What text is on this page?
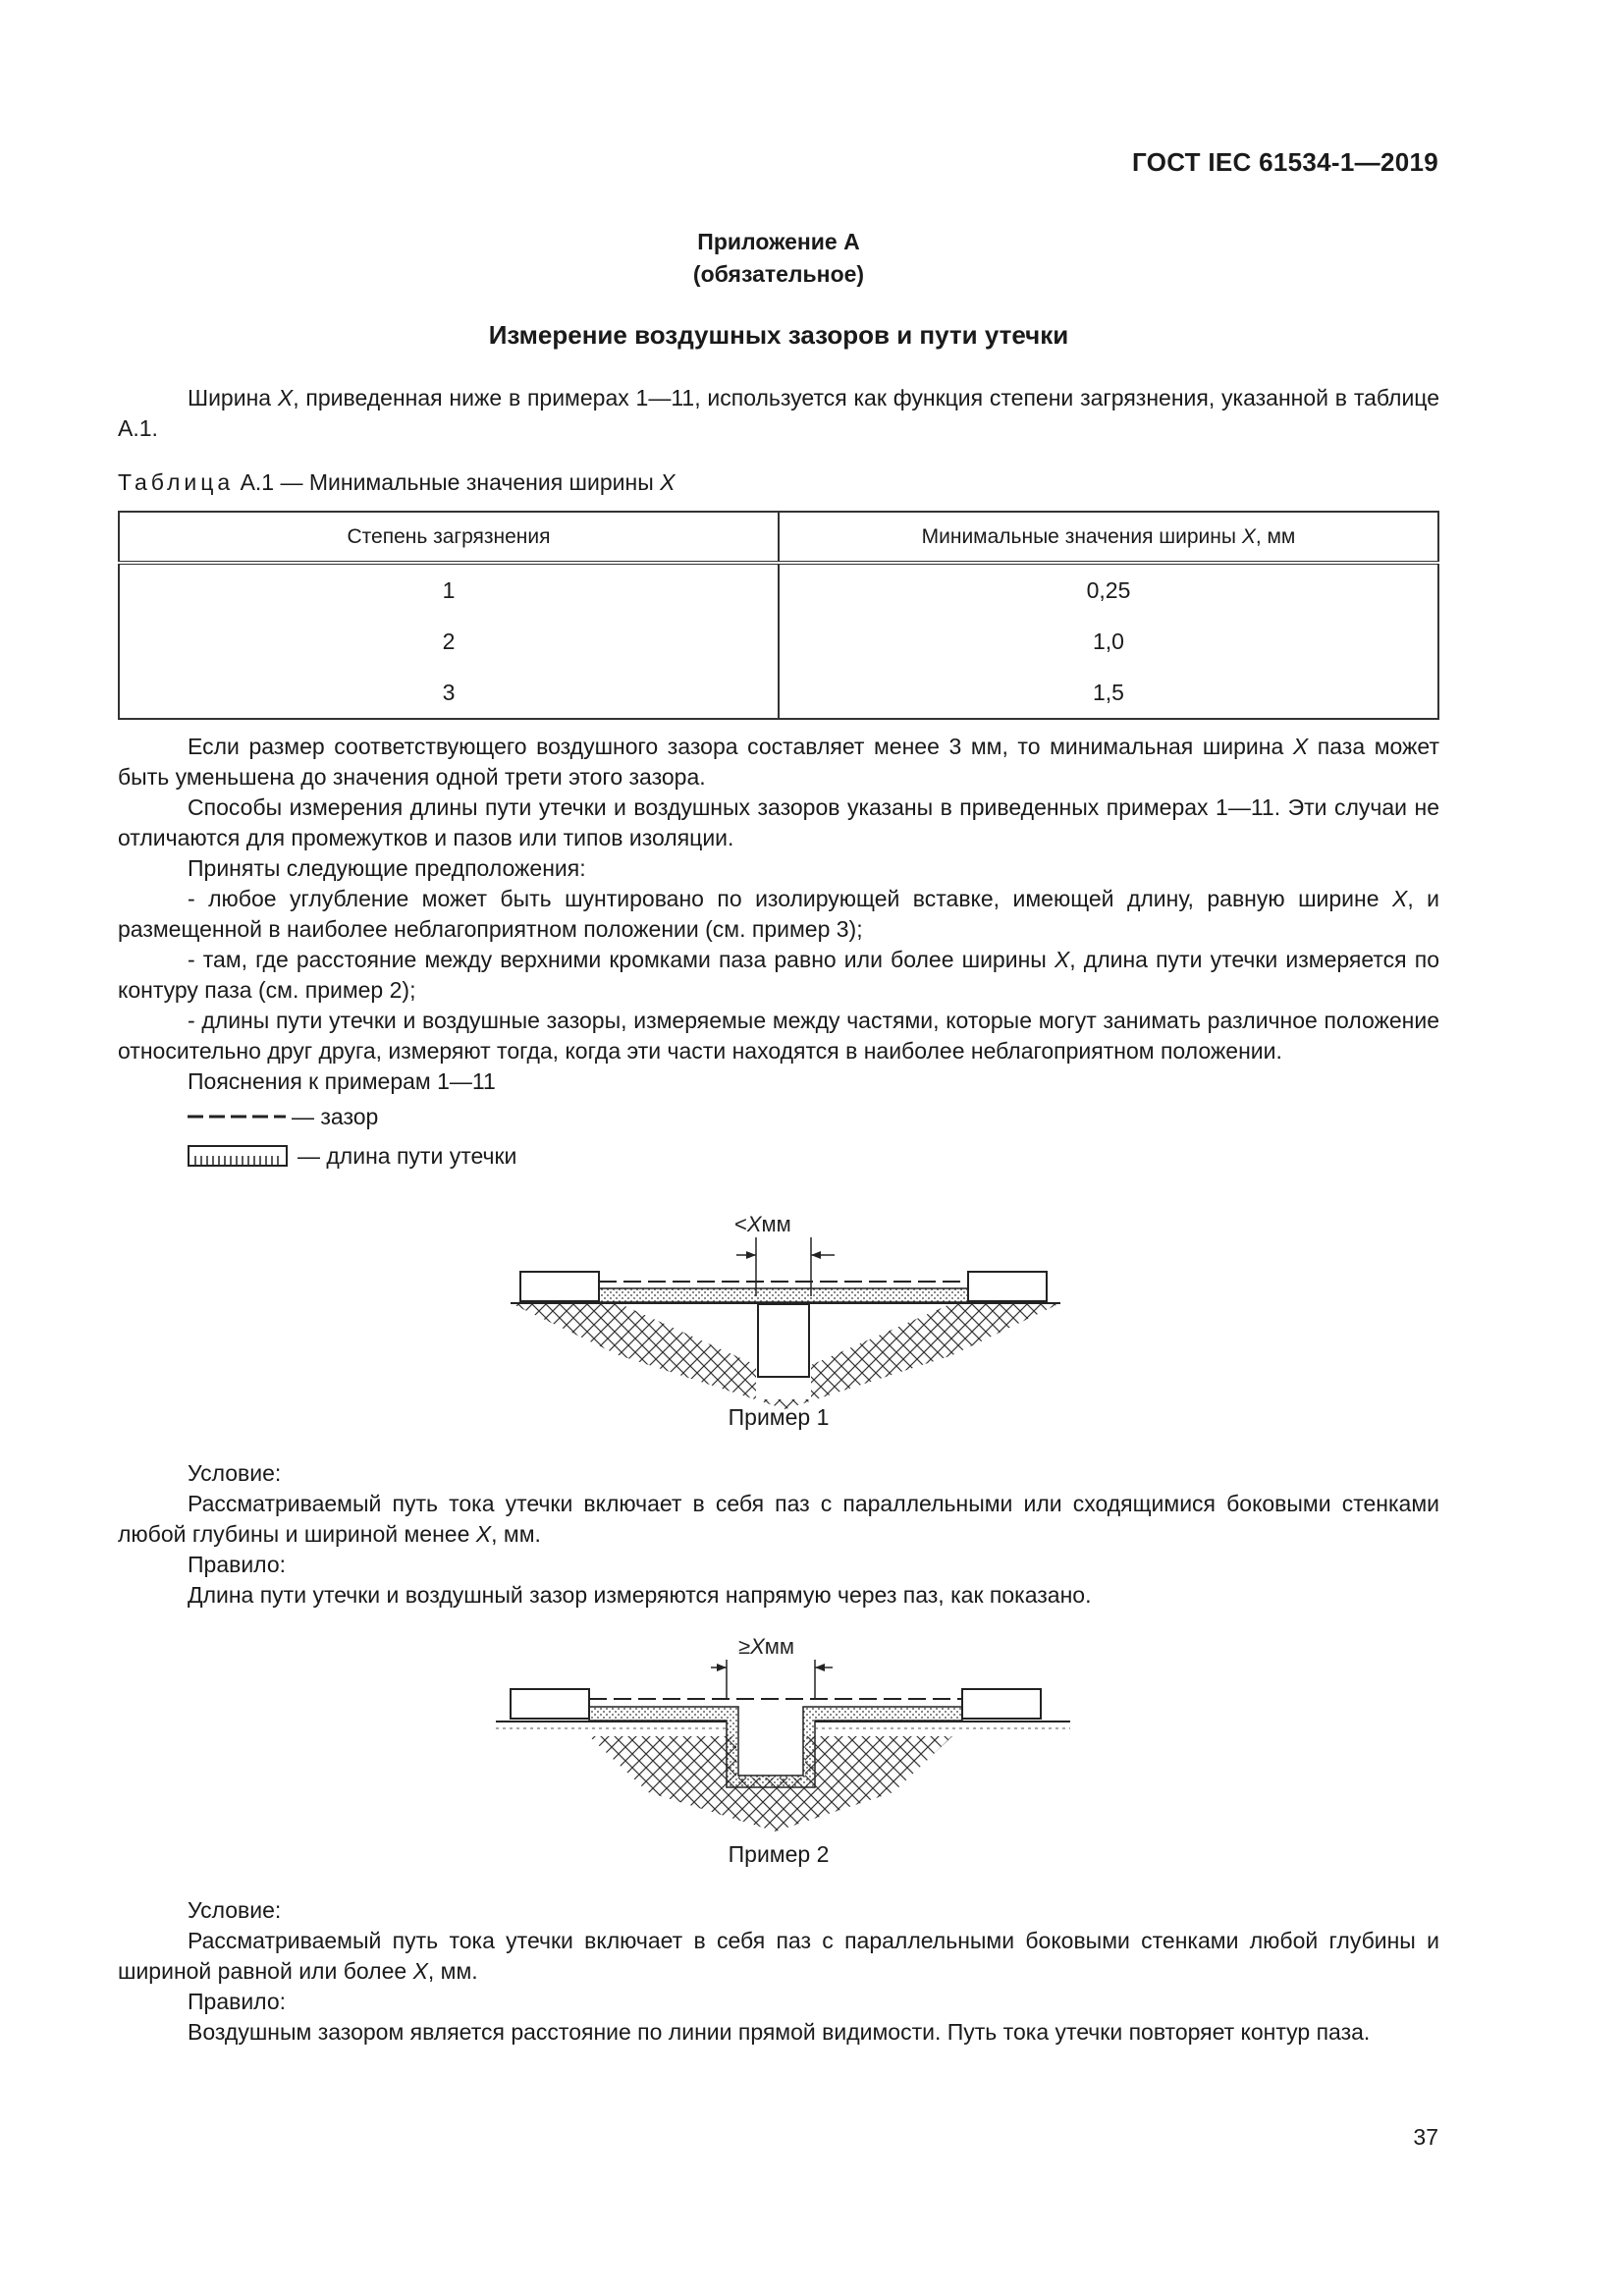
ГОСТ IEC 61534-1—2019
Приложение А
(обязательное)
Измерение воздушных зазоров и пути утечки

Ширина X, приведенная ниже в примерах 1—11, используется как функция степени загрязнения, указанной в таблице А.1.

Таблица А.1 — Минимальные значения ширины X
Степень загрязнения	Минимальные значения ширины X, мм
1	0,25
2	1,0
3	1,5

Если размер соответствующего воздушного зазора составляет менее 3 мм, то минимальная ширина X паза может быть уменьшена до значения одной трети этого зазора.

Способы измерения длины пути утечки и воздушных зазоров указаны в приведенных примерах 1—11. Эти случаи не отличаются для промежутков и пазов или типов изоляции.

Приняты следующие предположения:

- любое углубление может быть шунтировано по изолирующей вставке, имеющей длину, равную ширине X, и размещенной в наиболее неблагоприятном положении (см. пример 3);

- там, где расстояние между верхними кромками паза равно или более ширины X, длина пути утечки измеряется по контуру паза (см. пример 2);

- длины пути утечки и воздушные зазоры, измеряемые между частями, которые могут занимать различное положение относительно друг друга, измеряют тогда, когда эти части находятся в наиболее неблагоприятном положении.

Пояснения к примерам 1—11

— зазор
— длина пути утечки
<Xмм
Пример 1

Условие:

Рассматриваемый путь тока утечки включает в себя паз с параллельными или сходящимися боковыми стенками любой глубины и шириной менее X, мм.

Правило:

Длина пути утечки и воздушный зазор измеряются напрямую через паз, как показано.

≥Xмм
Пример 2

Условие:

Рассматриваемый путь тока утечки включает в себя паз с параллельными боковыми стенками любой глубины и шириной равной или более X, мм.

Правило:

Воздушным зазором является расстояние по линии прямой видимости. Путь тока утечки повторяет контур паза.

37
